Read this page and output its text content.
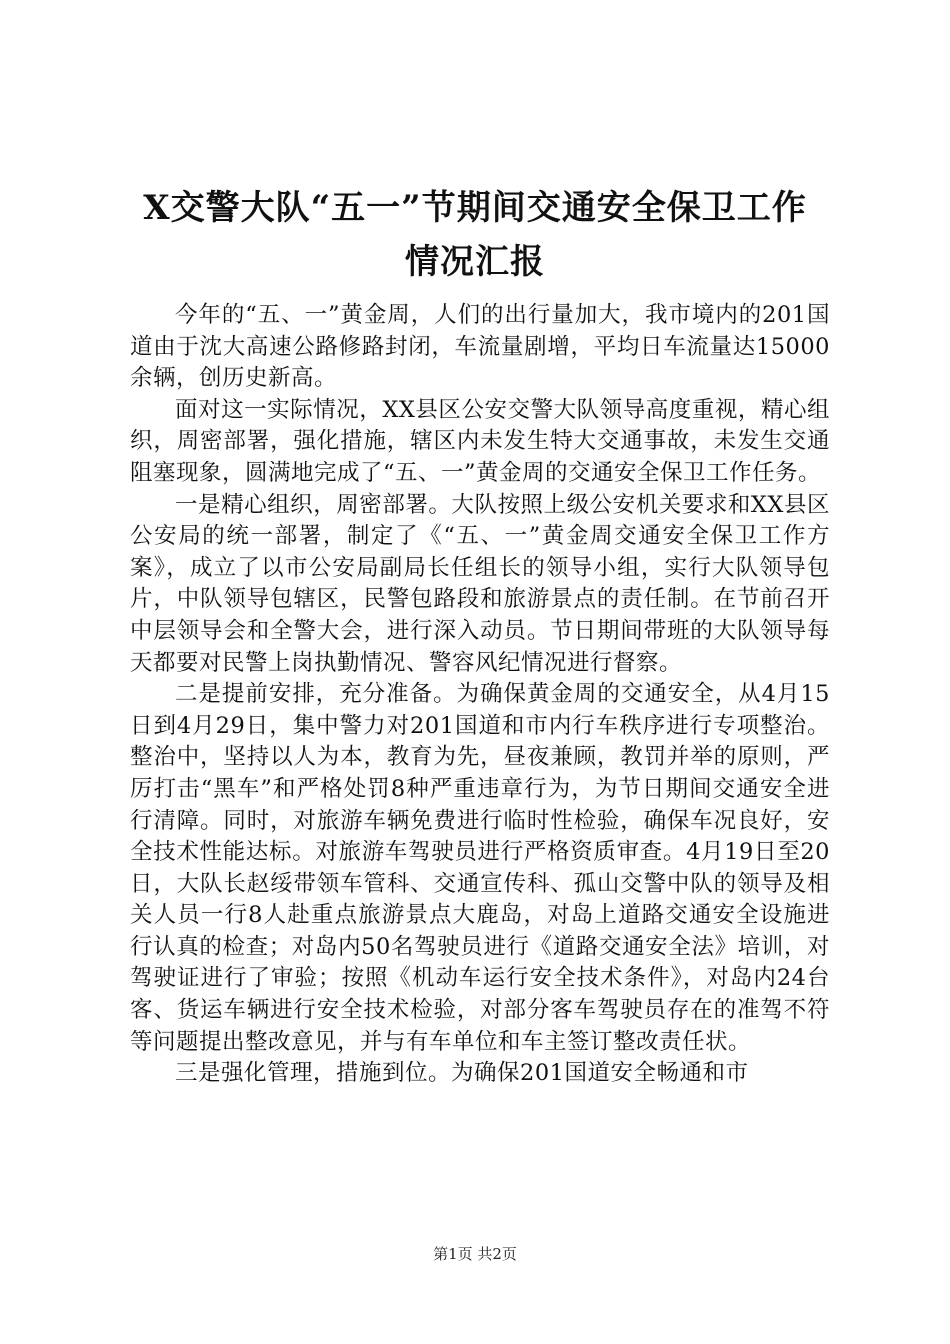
X交警大队“五一”节期间交通安全保卫工作
情况汇报

今年的“五、一”黄金周，人们的出行量加大，我市境内的201国道由于沈大高速公路修路封闭，车流量剧增，平均日车流量达15000余辆，创历史新高。

面对这一实际情况，XX县区公安交警大队领导高度重视，精心组织，周密部署，强化措施，辖区内未发生特大交通事故，未发生交通阻塞现象，圆满地完成了“五、一”黄金周的交通安全保卫工作任务。

一是精心组织，周密部署。大队按照上级公安机关要求和XX县区公安局的统一部署，制定了《“五、一”黄金周交通安全保卫工作方案》，成立了以市公安局副局长任组长的领导小组，实行大队领导包片，中队领导包辖区，民警包路段和旅游景点的责任制。在节前召开中层领导会和全警大会，进行深入动员。节日期间带班的大队领导每天都要对民警上岗执勤情况、警容风纪情况进行督察。

二是提前安排，充分准备。为确保黄金周的交通安全，从4月15日到4月29日，集中警力对201国道和市内行车秩序进行专项整治。整治中，坚持以人为本，教育为先，昼夜兼顾，教罚并举的原则，严厉打击“黑车”和严格处罚8种严重违章行为，为节日期间交通安全进行清障。同时，对旅游车辆免费进行临时性检验，确保车况良好，安全技术性能达标。对旅游车驾驶员进行严格资质审查。4月19日至20日，大队长赵绥带领车管科、交通宣传科、孤山交警中队的领导及相关人员一行8人赴重点旅游景点大鹿岛，对岛上道路交通安全设施进行认真的检查；对岛内50名驾驶员进行《道路交通安全法》培训，对驾驶证进行了审验；按照《机动车运行安全技术条件》，对岛内24台客、货运车辆进行安全技术检验，对部分客车驾驶员存在的准驾不符等问题提出整改意见，并与有车单位和车主签订整改责任状。

三是强化管理，措施到位。为确保201国道安全畅通和市

第1页 共2页
